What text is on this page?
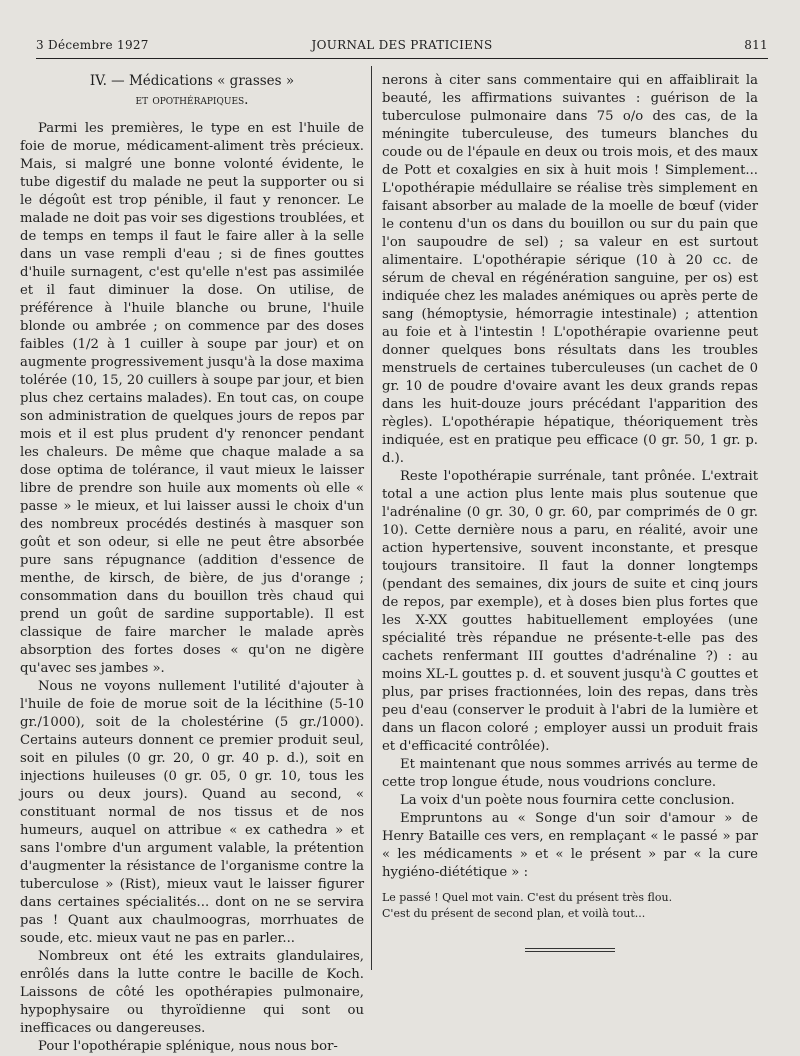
3 Décembre 1927	JOURNAL DES PRATICIENS	811

IV. — Médications « grasses »
et opothérapiques.

Parmi les premières, le type en est l'huile de foie de morue, médicament-aliment très précieux. Mais, si malgré une bonne volonté évidente, le tube digestif du malade ne peut la supporter ou si le dégoût est trop pénible, il faut y renoncer. Le malade ne doit pas voir ses digestions troublées, et de temps en temps il faut le faire aller à la selle dans un vase rempli d'eau ; si de fines gouttes d'huile surnagent, c'est qu'elle n'est pas assimilée et il faut diminuer la dose. On utilise, de préférence à l'huile blanche ou brune, l'huile blonde ou ambrée ; on commence par des doses faibles (1/2 à 1 cuiller à soupe par jour) et on augmente progressivement jusqu'à la dose maxima tolérée (10, 15, 20 cuillers à soupe par jour, et bien plus chez certains malades). En tout cas, on coupe son administration de quelques jours de repos par mois et il est plus prudent d'y renoncer pendant les chaleurs. De même que chaque malade a sa dose optima de tolérance, il vaut mieux le laisser libre de prendre son huile aux moments où elle « passe » le mieux, et lui laisser aussi le choix d'un des nombreux procédés destinés à masquer son goût et son odeur, si elle ne peut être absorbée pure sans répugnance (addition d'essence de menthe, de kirsch, de bière, de jus d'orange ; consommation dans du bouillon très chaud qui prend un goût de sardine supportable). Il est classique de faire marcher le malade après absorption des fortes doses « qu'on ne digère qu'avec ses jambes ».

Nous ne voyons nullement l'utilité d'ajouter à l'huile de foie de morue soit de la lécithine (5-10 gr./1000), soit de la cholestérine (5 gr./1000). Certains auteurs donnent ce premier produit seul, soit en pilules (0 gr. 20, 0 gr. 40 p. d.), soit en injections huileuses (0 gr. 05, 0 gr. 10, tous les jours ou deux jours). Quand au second, « constituant normal de nos tissus et de nos humeurs, auquel on attribue « ex cathedra » et sans l'ombre d'un argument valable, la prétention d'augmenter la résistance de l'organisme contre la tuberculose » (Rist), mieux vaut le laisser figurer dans certaines spécialités... dont on ne se servira pas ! Quant aux chaulmoogras, morrhuates de soude, etc. mieux vaut ne pas en parler...

Nombreux ont été les extraits glandulaires, enrôlés dans la lutte contre le bacille de Koch. Laissons de côté les opothérapies pulmonaire, hypophysaire ou thyroïdienne qui sont ou inefficaces ou dangereuses.

Pour l'opothérapie splénique, nous nous bor-

nerons à citer sans commentaire qui en affaiblirait la beauté, les affirmations suivantes : guérison de la tuberculose pulmonaire dans 75 o/o des cas, de la méningite tuberculeuse, des tumeurs blanches du coude ou de l'épaule en deux ou trois mois, et des maux de Pott et coxalgies en six à huit mois ! Simplement... L'opothérapie médullaire se réalise très simplement en faisant absorber au malade de la moelle de bœuf (vider le contenu d'un os dans du bouillon ou sur du pain que l'on saupoudre de sel) ; sa valeur en est surtout alimentaire. L'opothérapie sérique (10 à 20 cc. de sérum de cheval en régénération sanguine, per os) est indiquée chez les malades anémiques ou après perte de sang (hémoptysie, hémorragie intestinale) ; attention au foie et à l'intestin ! L'opothérapie ovarienne peut donner quelques bons résultats dans les troubles menstruels de certaines tuberculeuses (un cachet de 0 gr. 10 de poudre d'ovaire avant les deux grands repas dans les huit-douze jours précédant l'apparition des règles). L'opothérapie hépatique, théoriquement très indiquée, est en pratique peu efficace (0 gr. 50, 1 gr. p. d.).

Reste l'opothérapie surrénale, tant prônée. L'extrait total a une action plus lente mais plus soutenue que l'adrénaline (0 gr. 30, 0 gr. 60, par comprimés de 0 gr. 10). Cette dernière nous a paru, en réalité, avoir une action hypertensive, souvent inconstante, et presque toujours transitoire. Il faut la donner longtemps (pendant des semaines, dix jours de suite et cinq jours de repos, par exemple), et à doses bien plus fortes que les X-XX gouttes habituellement employées (une spécialité très répandue ne présente-t-elle pas des cachets renfermant III gouttes d'adrénaline ?) : au moins XL-L gouttes p. d. et souvent jusqu'à C gouttes et plus, par prises fractionnées, loin des repas, dans très peu d'eau (conserver le produit à l'abri de la lumière et dans un flacon coloré ; employer aussi un produit frais et d'efficacité contrôlée).

Et maintenant que nous sommes arrivés au terme de cette trop longue étude, nous voudrions conclure.

La voix d'un poète nous fournira cette conclusion.

Empruntons au « Songe d'un soir d'amour » de Henry Bataille ces vers, en remplaçant « le passé » par « les médicaments » et « le présent » par « la cure hygiéno-diététique » :

Le passé ! Quel mot vain. C'est du présent très flou.
C'est du présent de second plan, et voilà tout...
